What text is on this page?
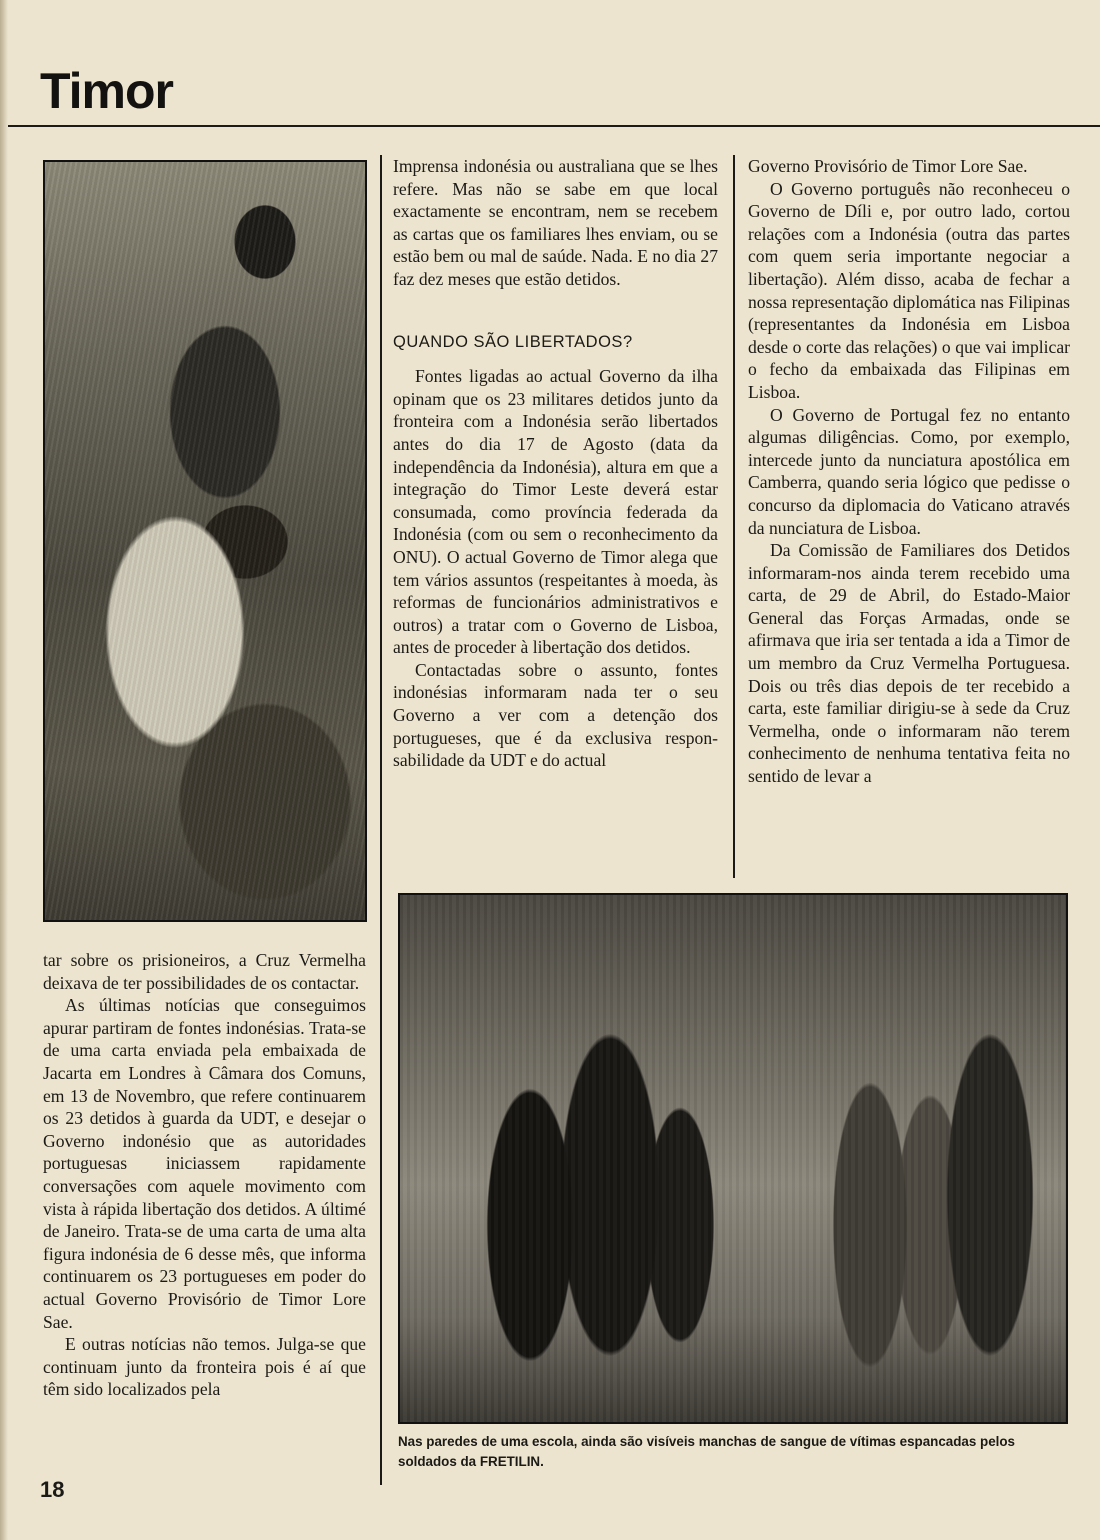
Timor

Imprensa indonésia ou australiana que se lhes refere. Mas não se sabe em que local exactamente se encontram, nem se recebem as cartas que os familiares lhes enviam, ou se estão bem ou mal de saúde. Nada. E no dia 27 faz dez meses que estão detidos.

QUANDO SÃO LIBERTADOS?

Fontes ligadas ao actual Governo da ilha opinam que os 23 militares detidos junto da fronteira com a Indonésia serão libertados antes do dia 17 de Agosto (data da independência da Indonésia), altura em que a integração do Timor Leste deverá estar consumada, como província federada da Indonésia (com ou sem o reconhecimento da ONU). O actual Governo de Timor alega que tem vários assuntos (respeitantes à moeda, às reformas de funcionários administrativos e outros) a tratar com o Governo de Lisboa, antes de proceder à libertação dos detidos.

Contactadas sobre o assunto, fontes indonésias informaram nada ter o seu Governo a ver com a detenção dos portugueses, que é da exclusiva responsabilidade da UDT e do actual

Governo Provisório de Timor Lore Sae.

O Governo português não reconheceu o Governo de Díli e, por outro lado, cortou relações com a Indonésia (outra das partes com quem seria importante negociar a libertação). Além disso, acaba de fechar a nossa representação diplomática nas Filipinas (representantes da Indonésia em Lisboa desde o corte das relações) o que vai implicar o fecho da embaixada das Filipinas em Lisboa.

O Governo de Portugal fez no entanto algumas diligências. Como, por exemplo, intercede junto da nunciatura apostólica em Camberra, quando seria lógico que pedisse o concurso da diplomacia do Vaticano através da nunciatura de Lisboa.

Da Comissão de Familiares dos Detidos informaram-nos ainda terem recebido uma carta, de 29 de Abril, do Estado-Maior General das Forças Armadas, onde se afirmava que iria ser tentada a ida a Timor de um membro da Cruz Vermelha Portuguesa. Dois ou três dias depois de ter recebido a carta, este familiar dirigiu-se à sede da Cruz Vermelha, onde o informaram não terem conhecimento de nenhuma tentativa feita no sentido de levar a

tar sobre os prisioneiros, a Cruz Vermelha deixava de ter possibilidades de os contactar.

As últimas notícias que conseguimos apurar partiram de fontes indonésias. Trata-se de uma carta enviada pela embaixada de Jacarta em Londres à Câmara dos Comuns, em 13 de Novembro, que refere continuarem os 23 detidos à guarda da UDT, e desejar o Governo indonésio que as autoridades portuguesas iniciassem rapidamente conversações com aquele movimento com vista à rápida libertação dos detidos. A últimé de Janeiro. Trata-se de uma carta de uma alta figura indonésia de 6 desse mês, que informa continuarem os 23 portugueses em poder do actual Governo Provisório de Timor Lore Sae.

E outras notícias não temos. Julga-se que continuam junto da fronteira pois é aí que têm sido localizados pela

Nas paredes de uma escola, ainda são visíveis manchas de sangue de vítimas espancadas pelos soldados da FRETILIN.
18
